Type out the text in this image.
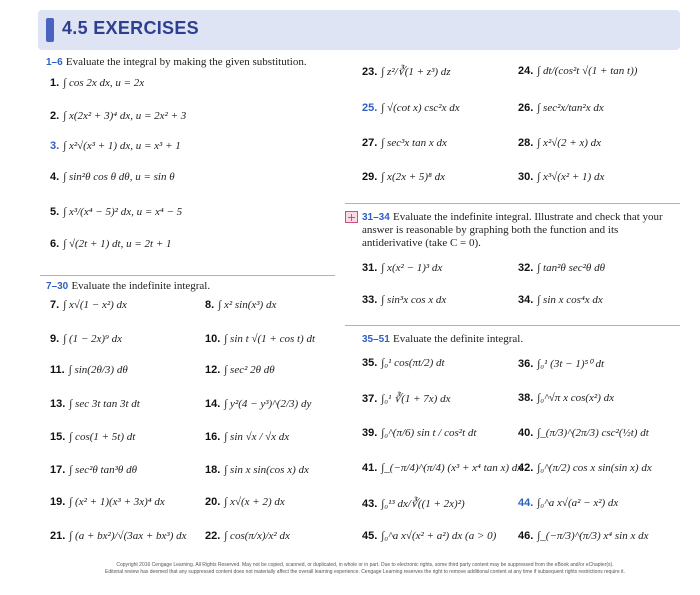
4.5 EXERCISES
1–6 Evaluate the integral by making the given substitution.
7–30 Evaluate the indefinite integral.
31–34 Evaluate the indefinite integral. Illustrate and check that your answer is reasonable by graphing both the function and its antiderivative (take C = 0).
35–51 Evaluate the definite integral.
1. ∫ cos 2x dx, u = 2x
2. ∫ x(2x² + 3)⁴ dx, u = 2x² + 3
3. ∫ x²√(x³ + 1) dx, u = x³ + 1
4. ∫ sin²θ cos θ dθ, u = sin θ
5. ∫ x³/(x⁴ − 5)² dx, u = x⁴ − 5
6. ∫ √(2t + 1) dt, u = 2t + 1
7. ∫ x√(1 − x²) dx	8. ∫ x² sin(x³) dx
9. ∫ (1 − 2x)⁹ dx	10. ∫ sin t √(1 + cos t) dt
11. ∫ sin(2θ/3) dθ	12. ∫ sec² 2θ dθ
13. ∫ sec 3t tan 3t dt	14. ∫ y²(4 − y³)^(2/3) dy
15. ∫ cos(1 + 5t) dt	16. ∫ sin √x / √x dx
17. ∫ sec²θ tan³θ dθ	18. ∫ sin x sin(cos x) dx
19. ∫ (x² + 1)(x³ + 3x)⁴ dx	20. ∫ x√(x + 2) dx
21. ∫ (a + bx²)/√(3ax + bx³) dx 22. ∫ cos(π/x)/x² dx
23. ∫ z²/∛(1 + z³) dz	24. ∫ dt/(cos²t √(1 + tan t))
25. ∫ √(cot x) csc²x dx	26. ∫ sec²x/tan²x dx
27. ∫ sec³x tan x dx	28. ∫ x²√(2 + x) dx
29. ∫ x(2x + 5)⁸ dx	30. ∫ x³√(x² + 1) dx
31. ∫ x(x² − 1)³ dx	32. ∫ tan²θ sec²θ dθ
33. ∫ sin³x cos x dx	34. ∫ sin x cos⁴x dx
35. ∫₀¹ cos(πt/2) dt	36. ∫₀¹ (3t − 1)⁵⁰ dt
37. ∫₀¹ ∛(1 + 7x) dx	38. ∫₀^√π x cos(x²) dx
39. ∫₀^(π/6) sin t / cos²t dt	40. ∫_(π/3)^(2π/3) csc²(½t) dt
41. ∫_(−π/4)^(π/4) (x³ + x⁴ tan x) dx
42. ∫₀^(π/2) cos x sin(sin x) dx
43. ∫₀¹³ dx/∛((1 + 2x)²)	44. ∫₀^a x√(a² − x²) dx
45. ∫₀^a x√(x² + a²) dx (a > 0) 46. ∫_(−π/3)^(π/3) x⁴ sin x dx
Copyright 2016 Cengage Learning. All Rights Reserved. May not be copied, scanned, or duplicated, in whole or in part. Due to electronic rights, some third party content may be suppressed from the eBook and/or eChapter(s).
Editorial review has deemed that any suppressed content does not materially affect the overall learning experience. Cengage Learning reserves the right to remove additional content at any time if subsequent rights restrictions require it.
